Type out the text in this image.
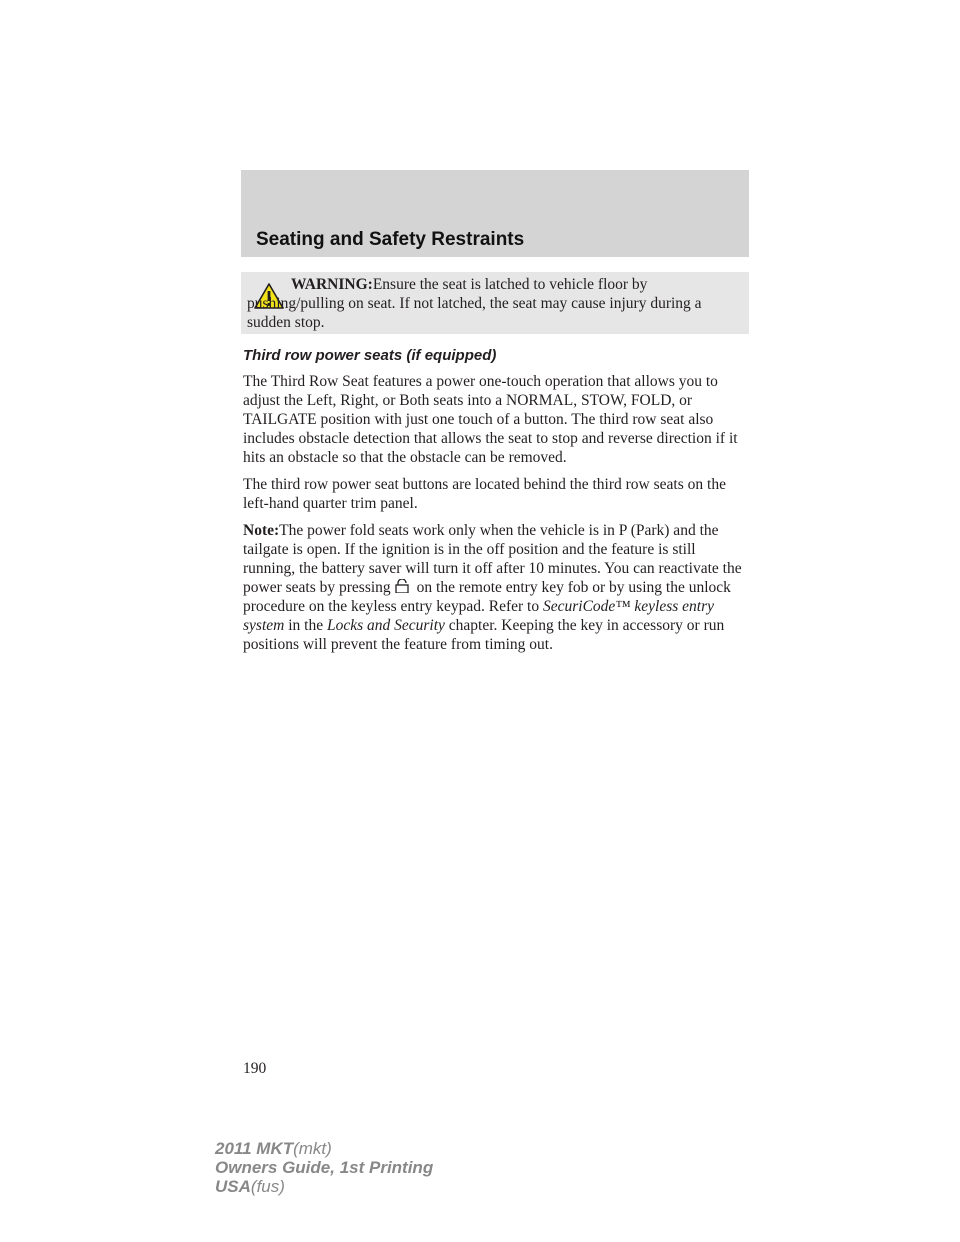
Seating and Safety Restraints
WARNING:Ensure the seat is latched to vehicle floor by pushing/pulling on seat. If not latched, the seat may cause injury during a sudden stop.

Third row power seats (if equipped)

The Third Row Seat features a power one-touch operation that allows you to adjust the Left, Right, or Both seats into a NORMAL, STOW, FOLD, or TAILGATE position with just one touch of a button. The third row seat also includes obstacle detection that allows the seat to stop and reverse direction if it hits an obstacle so that the obstacle can be removed.

The third row power seat buttons are located behind the third row seats on the left-hand quarter trim panel.

Note:The power fold seats work only when the vehicle is in P (Park) and the tailgate is open. If the ignition is in the off position and the feature is still running, the battery saver will turn it off after 10 minutes. You can reactivate the power seats by pressing on the remote entry key fob or by using the unlock procedure on the keyless entry keypad. Refer to SecuriCode™ keyless entry system in the Locks and Security chapter. Keeping the key in accessory or run positions will prevent the feature from timing out.

190
2011 MKT(mkt)
Owners Guide, 1st Printing
USA(fus)
